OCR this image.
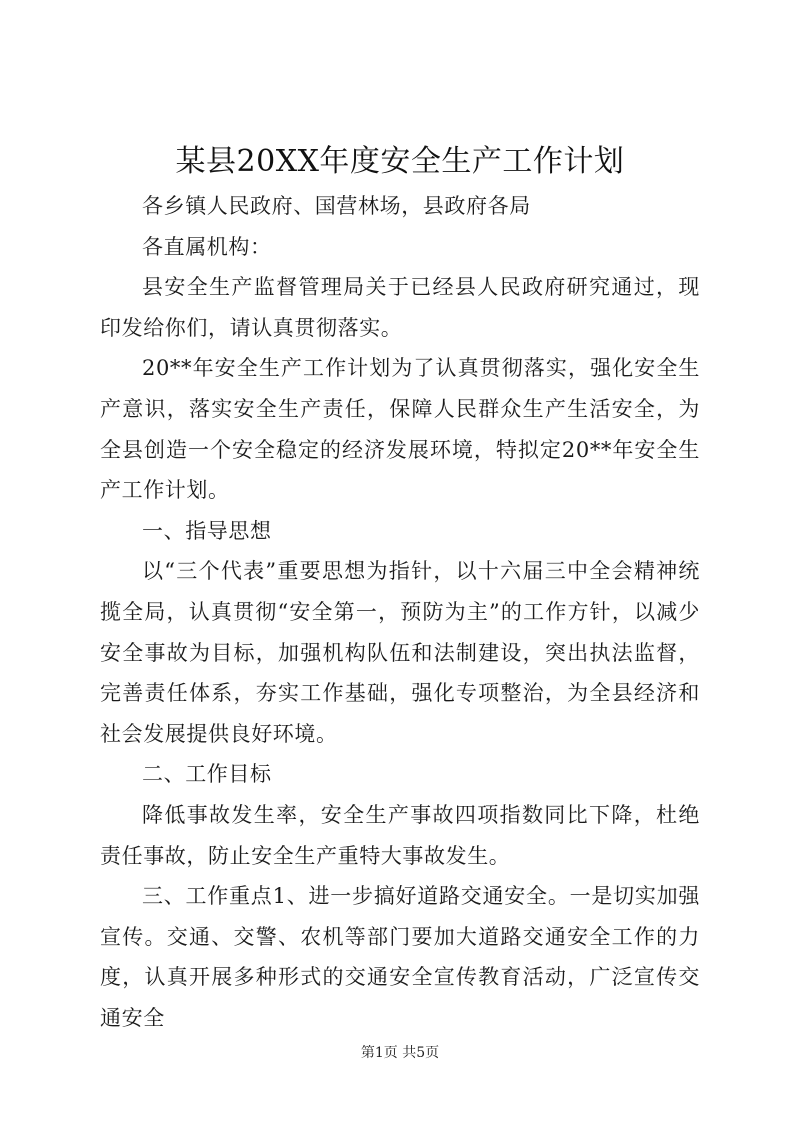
某县20XX年度安全生产工作计划

各乡镇人民政府、国营林场，县政府各局

各直属机构：

县安全生产监督管理局关于已经县人民政府研究通过，现印发给你们，请认真贯彻落实。

20**年安全生产工作计划为了认真贯彻落实，强化安全生产意识，落实安全生产责任，保障人民群众生产生活安全，为全县创造一个安全稳定的经济发展环境，特拟定20**年安全生产工作计划。

一、指导思想

以“三个代表”重要思想为指针，以十六届三中全会精神统揽全局，认真贯彻“安全第一，预防为主”的工作方针，以减少安全事故为目标，加强机构队伍和法制建设，突出执法监督，完善责任体系，夯实工作基础，强化专项整治，为全县经济和社会发展提供良好环境。

二、工作目标

降低事故发生率，安全生产事故四项指数同比下降，杜绝责任事故，防止安全生产重特大事故发生。

三、工作重点1、进一步搞好道路交通安全。一是切实加强宣传。交通、交警、农机等部门要加大道路交通安全工作的力度，认真开展多种形式的交通安全宣传教育活动，广泛宣传交通安全

第1页 共5页
